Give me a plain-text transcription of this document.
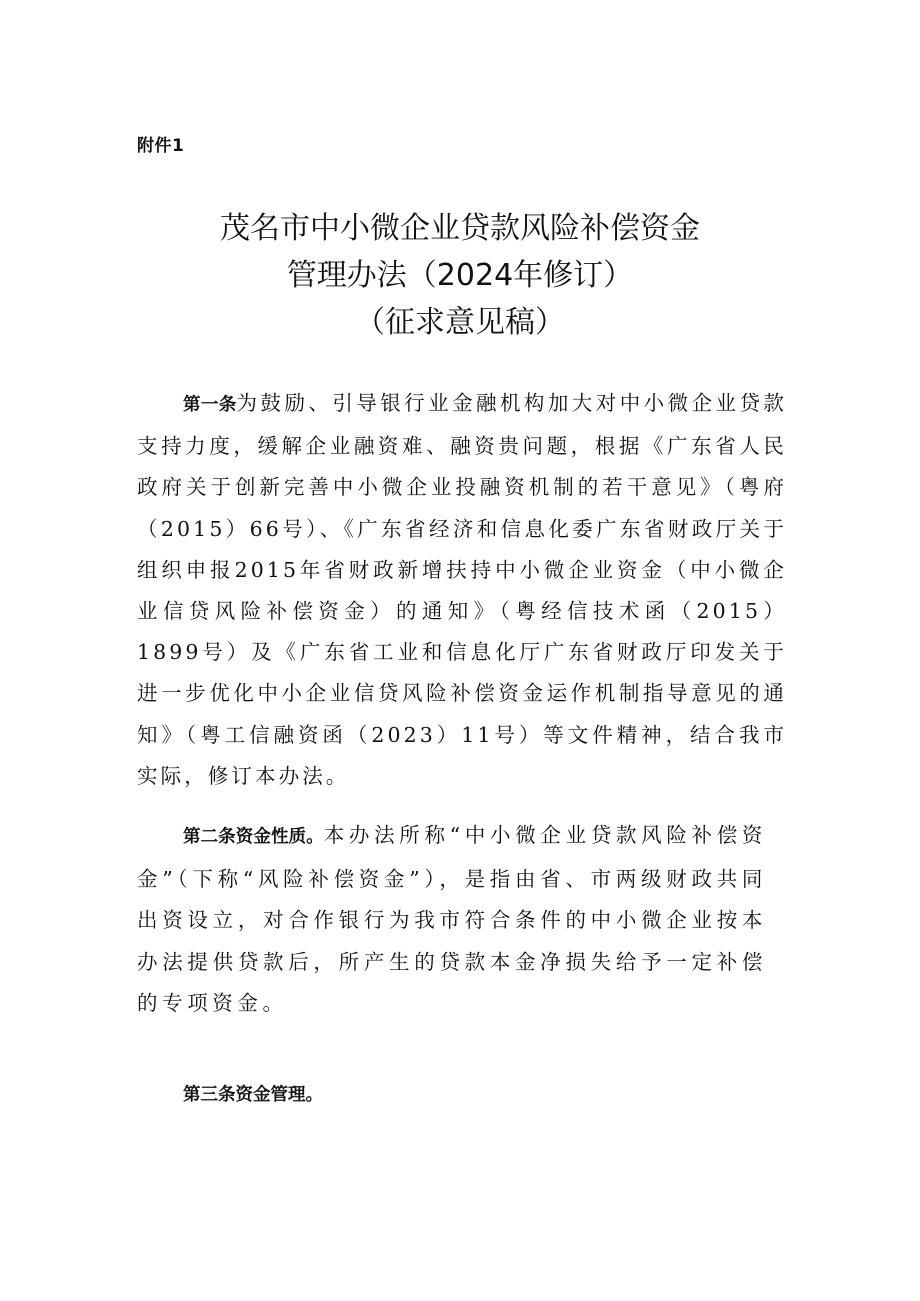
附件1
茂名市中小微企业贷款风险补偿资金
管理办法（2024年修订）
（征求意见稿）
第一条为鼓励、引导银行业金融机构加大对中小微企业贷款支持力度，缓解企业融资难、融资贵问题，根据《广东省人民政府关于创新完善中小微企业投融资机制的若干意见》（粤府（2015）66号）、《广东省经济和信息化委广东省财政厅关于组织申报2015年省财政新增扶持中小微企业资金（中小微企业信贷风险补偿资金）的通知》（粤经信技术函（2015）1899号）及《广东省工业和信息化厅广东省财政厅印发关于进一步优化中小企业信贷风险补偿资金运作机制指导意见的通知》（粤工信融资函（2023）11号）等文件精神，结合我市实际，修订本办法。
第二条资金性质。本办法所称“中小微企业贷款风险补偿资金”（下称“风险补偿资金”），是指由省、市两级财政共同出资设立，对合作银行为我市符合条件的中小微企业按本办法提供贷款后，所产生的贷款本金净损失给予一定补偿的专项资金。
第三条资金管理。
